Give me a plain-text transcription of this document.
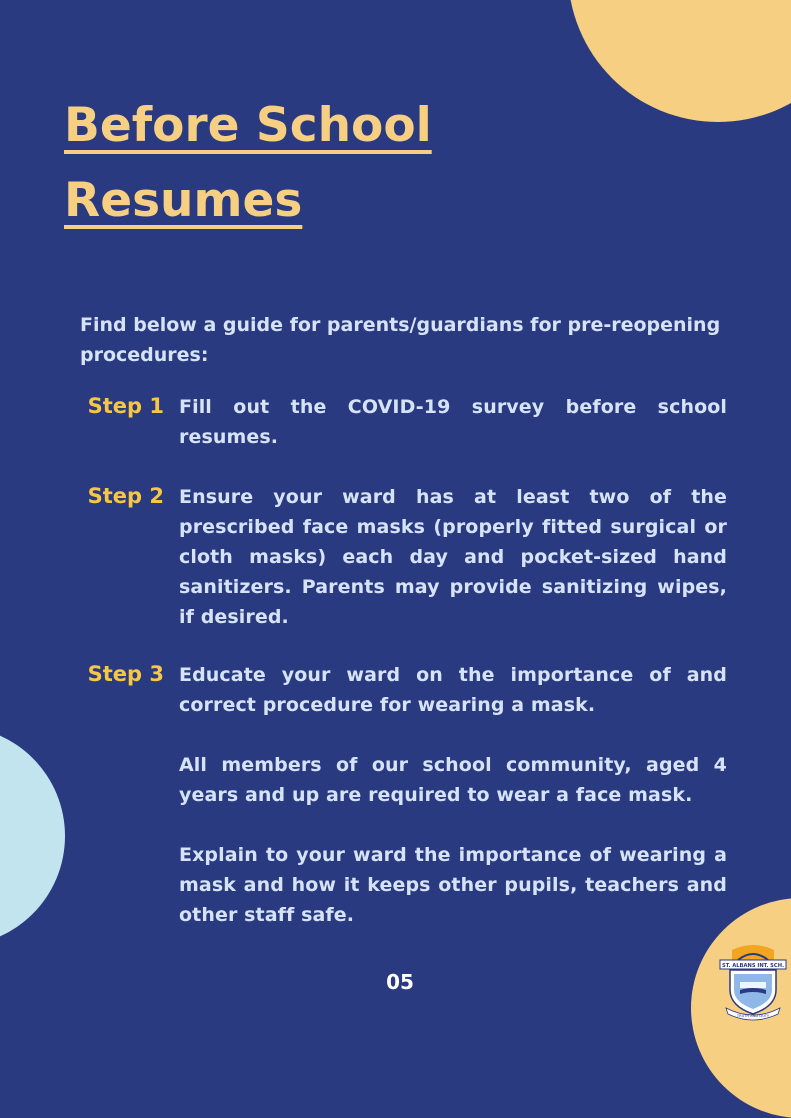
Before School
Resumes
Find below a guide for parents/guardians for pre-reopening procedures:
Step 1 Fill out the COVID-19 survey before school resumes.

Step 2 Ensure your ward has at least two of the prescribed face masks (properly fitted surgical or cloth masks) each day and pocket-sized hand sanitizers. Parents may provide sanitizing wipes, if desired.

Step 3 Educate your ward on the importance of and correct procedure for wearing a mask.

All members of our school community, aged 4 years and up are required to wear a face mask.

Explain to your ward the importance of wearing a mask and how it keeps other pupils, teachers and other staff safe.

05
ST. ALBANS INT. SCH.
TRUTH AND DUTY
